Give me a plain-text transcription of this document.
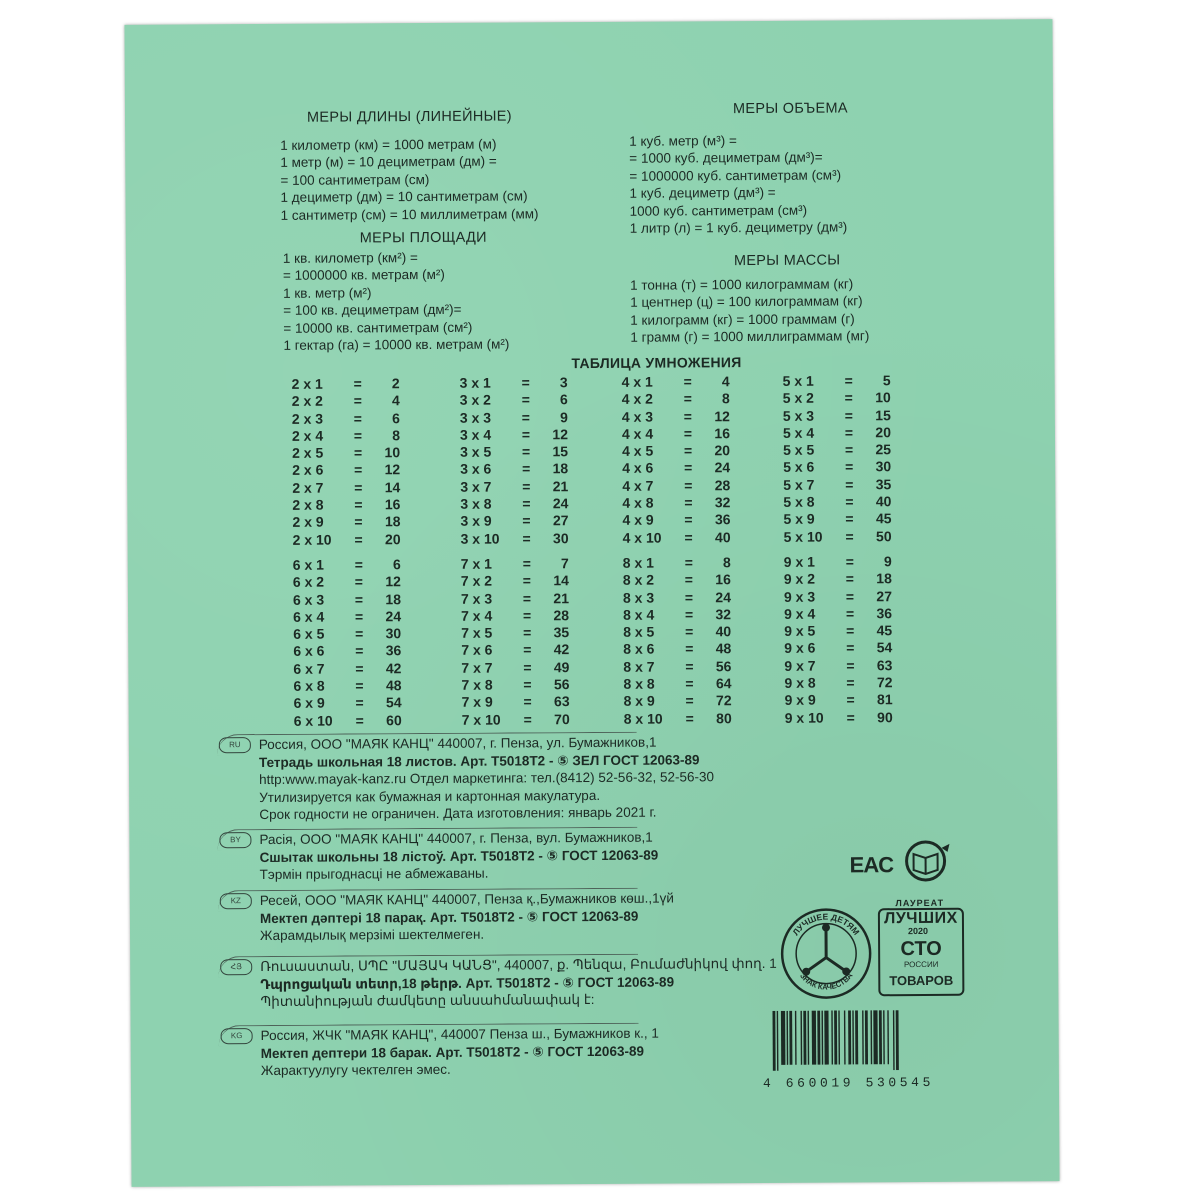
МЕРЫ ДЛИНЫ (ЛИНЕЙНЫЕ)
1 километр (км) = 1000 метрам (м)
1 метр (м) = 10 дециметрам (дм) =
= 100 сантиметрам (см)
1 дециметр (дм) = 10 сантиметрам (см)
1 сантиметр (см) = 10 миллиметрам (мм)
МЕРЫ ПЛОЩАДИ
1 кв. километр (км²) =
= 1000000 кв. метрам (м²)
1 кв. метр (м²)
= 100 кв. дециметрам (дм²)=
= 10000 кв. сантиметрам (см²)
1 гектар (га) = 10000 кв. метрам (м²)
МЕРЫ ОБЪЕМА
1 куб. метр (м³) =
= 1000 куб. дециметрам (дм³)=
= 1000000 куб. сантиметрам (см³)
1 куб. дециметр (дм³) =
1000 куб. сантиметрам (см³)
1 литр (л) = 1 куб. дециметру (дм³)
МЕРЫ МАССЫ
1 тонна (т) = 1000 килограммам (кг)
1 центнер (ц) = 100 килограммам (кг)
1 килограмм (кг) = 1000 граммам (г)
1 грамм (г) = 1000 миллиграммам (мг)
ТАБЛИЦА УМНОЖЕНИЯ
2 x 1	=	2
2 x 2	=	4
2 x 3	=	6
2 x 4	=	8
2 x 5	=	10
2 x 6	=	12
2 x 7	=	14
2 x 8	=	16
2 x 9	=	18
2 x 10	=	20
3 x 1	=	3
3 x 2	=	6
3 x 3	=	9
3 x 4	=	12
3 x 5	=	15
3 x 6	=	18
3 x 7	=	21
3 x 8	=	24
3 x 9	=	27
3 x 10	=	30
4 x 1	=	4
4 x 2	=	8
4 x 3	=	12
4 x 4	=	16
4 x 5	=	20
4 x 6	=	24
4 x 7	=	28
4 x 8	=	32
4 x 9	=	36
4 x 10	=	40
5 x 1	=	5
5 x 2	=	10
5 x 3	=	15
5 x 4	=	20
5 x 5	=	25
5 x 6	=	30
5 x 7	=	35
5 x 8	=	40
5 x 9	=	45
5 x 10	=	50
6 x 1	=	6
6 x 2	=	12
6 x 3	=	18
6 x 4	=	24
6 x 5	=	30
6 x 6	=	36
6 x 7	=	42
6 x 8	=	48
6 x 9	=	54
6 x 10	=	60
7 x 1	=	7
7 x 2	=	14
7 x 3	=	21
7 x 4	=	28
7 x 5	=	35
7 x 6	=	42
7 x 7	=	49
7 x 8	=	56
7 x 9	=	63
7 x 10	=	70
8 x 1	=	8
8 x 2	=	16
8 x 3	=	24
8 x 4	=	32
8 x 5	=	40
8 x 6	=	48
8 x 7	=	56
8 x 8	=	64
8 x 9	=	72
8 x 10	=	80
9 x 1	=	9
9 x 2	=	18
9 x 3	=	27
9 x 4	=	36
9 x 5	=	45
9 x 6	=	54
9 x 7	=	63
9 x 8	=	72
9 x 9	=	81
9 x 10	=	90
RU	Россия, ООО "МАЯК КАНЦ" 440007, г. Пенза, ул. Бумажников,1
Тетрадь школьная 18 листов. Арт. Т5018Т2 - ⑤ ЗЕЛ ГОСТ 12063-89
http:www.mayak-kanz.ru Отдел маркетинга: тел.(8412) 52-56-32, 52-56-30
Утилизируется как бумажная и картонная макулатура.
Срок годности не ограничен. Дата изготовления: январь 2021 г.
BY	Расія, ООО "МАЯК КАНЦ" 440007, г. Пенза, вул. Бумажников,1
Сшытак школьны 18 лістоў. Арт. Т5018Т2 - ⑤ ГОСТ 12063-89
Тэрмін прыгоднасці не абмежаваны.
KZ	Ресей, ООО "МАЯК КАНЦ" 440007, Пенза қ.,Бумажников көш.,1үй
Мектеп дәптері 18 парақ. Арт. Т5018Т2 - ⑤ ГОСТ 12063-89
Жарамдылық мерзімі шектелмеген.
ՀՅ	Ռուսաստան, ՍՊԸ "ՄԱՅԱԿ ԿԱՆՑ", 440007, ք. Պենզա, Բումաժնիկով փող. 1
Դպրոցական տետր,18 թերթ. Арт. Т5018Т2 - ⑤ ГОСТ 12063-89
Պիտանիության ժամկետը անսահմանափակ է:
KG	Россия, ЖЧК "МАЯК КАНЦ", 440007 Пенза ш., Бумажников к., 1
Мектеп дептери 18 барак. Арт. Т5018Т2 - ⑤ ГОСТ 12063-89
Жарактуулугу чектелген эмес.
EAC
ЛУЧШЕЕ ДЕТЯМ
ЗНАК КАЧЕСТВА
ЛАУРЕАТ
ЛУЧШИХ
2020
СТО
РОССИИ
ТОВАРОВ
4 660019 530545
